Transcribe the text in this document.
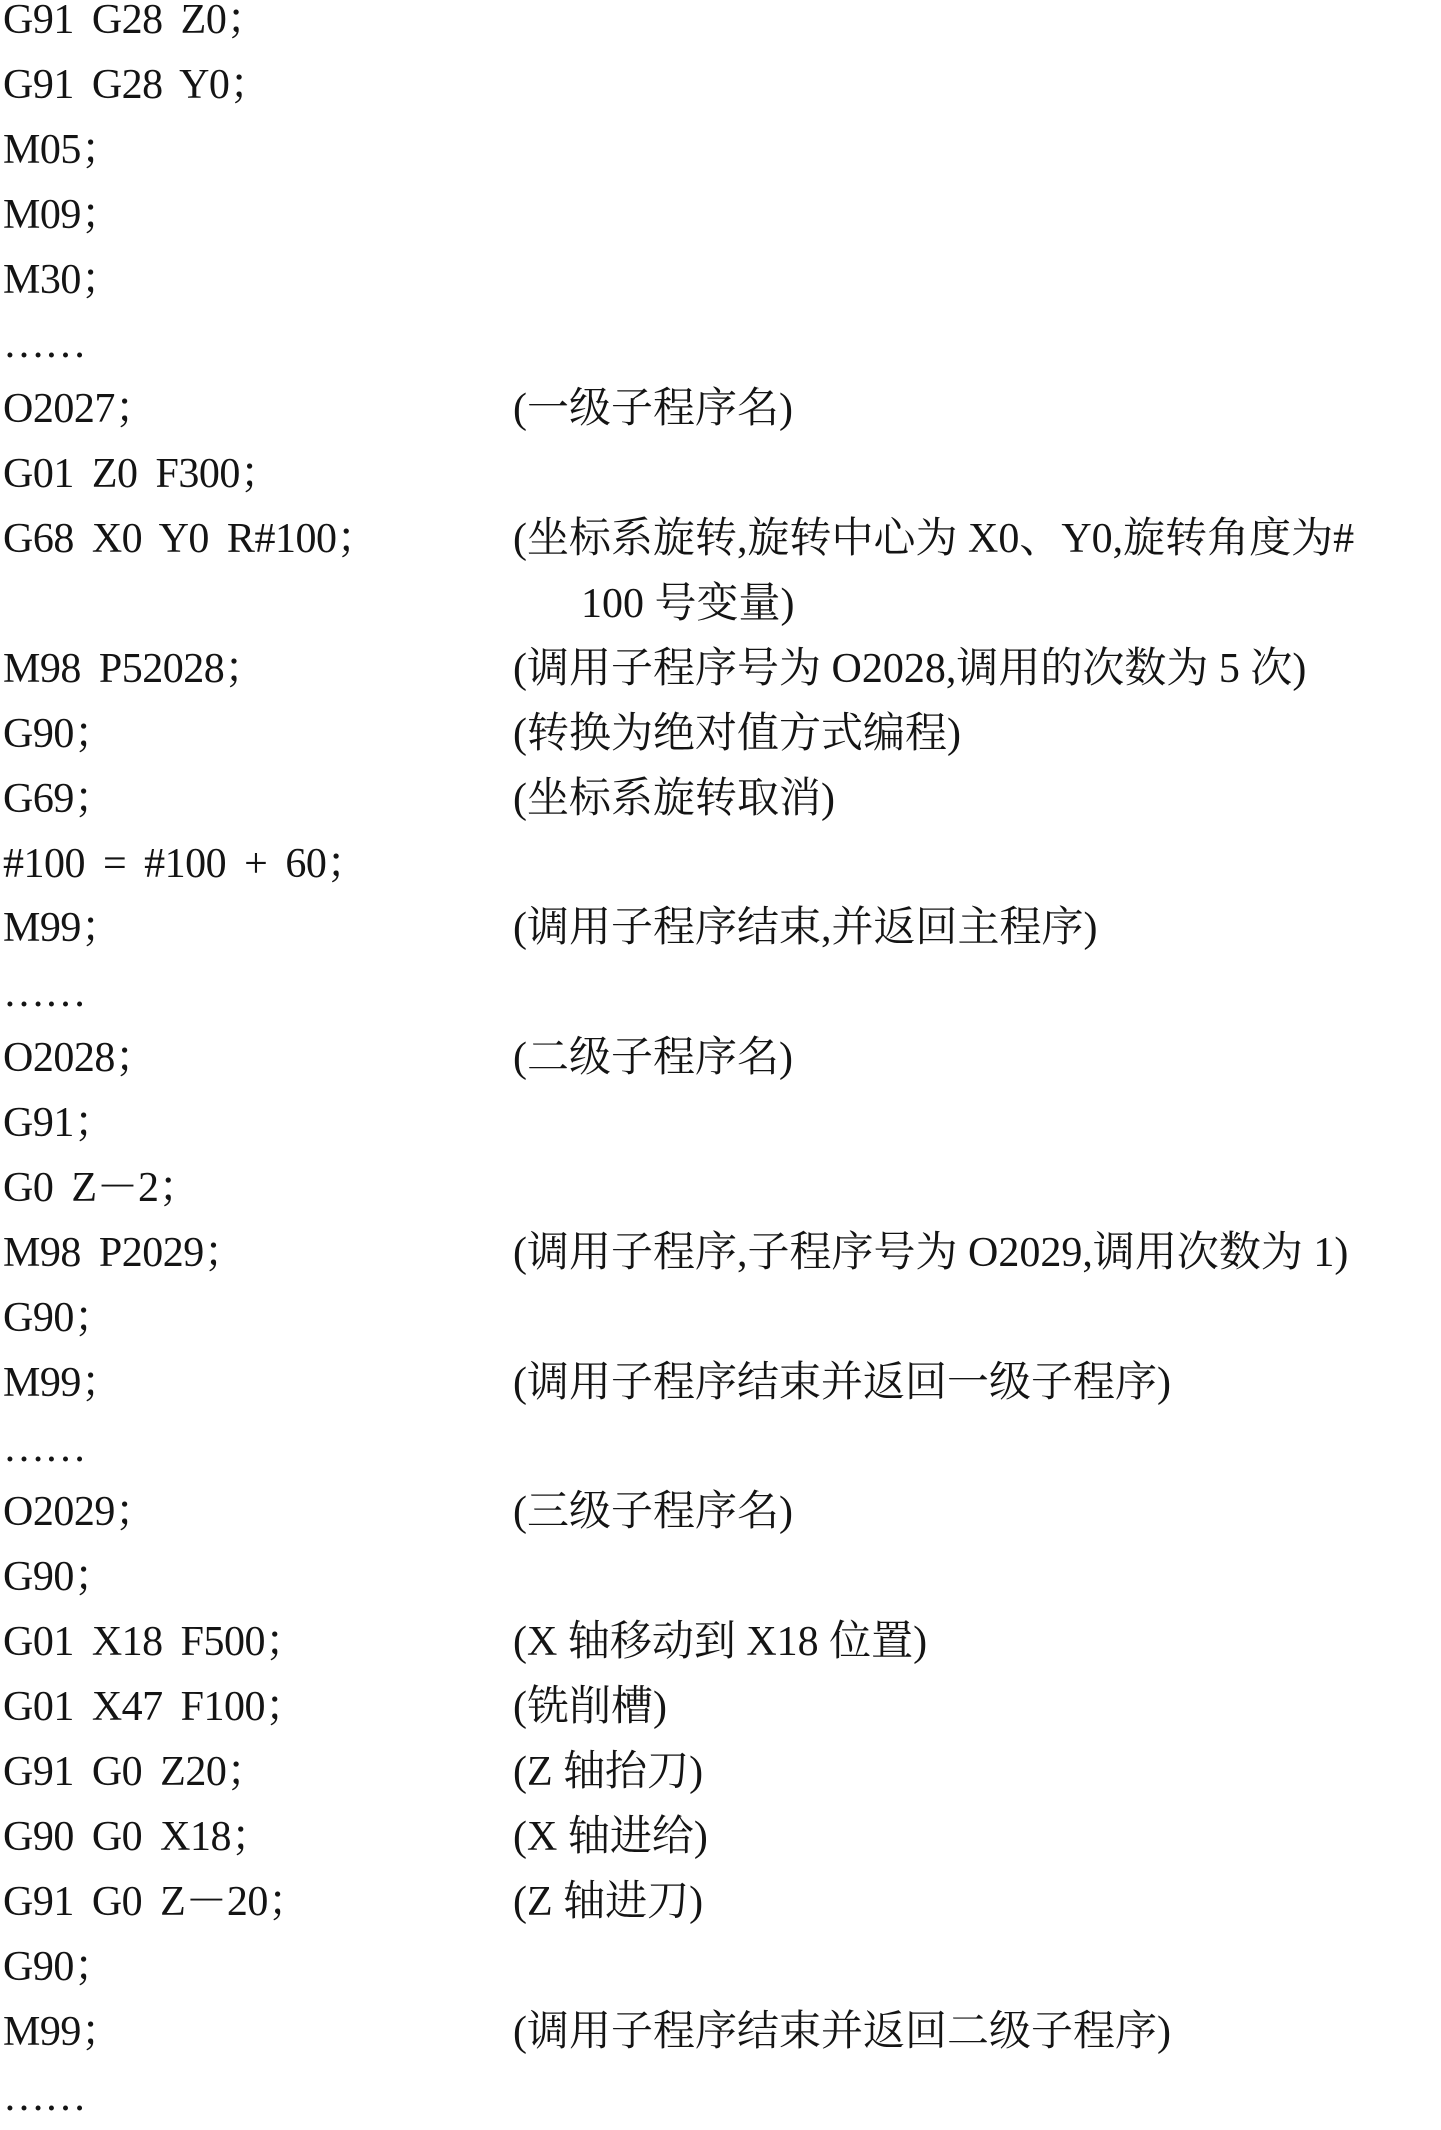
G91 G28 Z0；
G91 G28 Y0；
M05；
M09；
M30；
……
O2027；	(一级子程序名)
G01 Z0 F300；
G68 X0 Y0 R#100；	(坐标系旋转,旋转中心为 X0、Y0,旋转角度为#
100 号变量)
M98 P52028；	(调用子程序号为 O2028,调用的次数为 5 次)
G90；	(转换为绝对值方式编程)
G69；	(坐标系旋转取消)
#100 = #100 + 60；
M99；	(调用子程序结束,并返回主程序)
……
O2028；	(二级子程序名)
G91；
G0 Z－2；
M98 P2029；	(调用子程序,子程序号为 O2029,调用次数为 1)
G90；
M99；	(调用子程序结束并返回一级子程序)
……
O2029；	(三级子程序名)
G90；
G01 X18 F500；	(X 轴移动到 X18 位置)
G01 X47 F100；	(铣削槽)
G91 G0 Z20；	(Z 轴抬刀)
G90 G0 X18；	(X 轴进给)
G91 G0 Z－20；	(Z 轴进刀)
G90；
M99；	(调用子程序结束并返回二级子程序)
……
